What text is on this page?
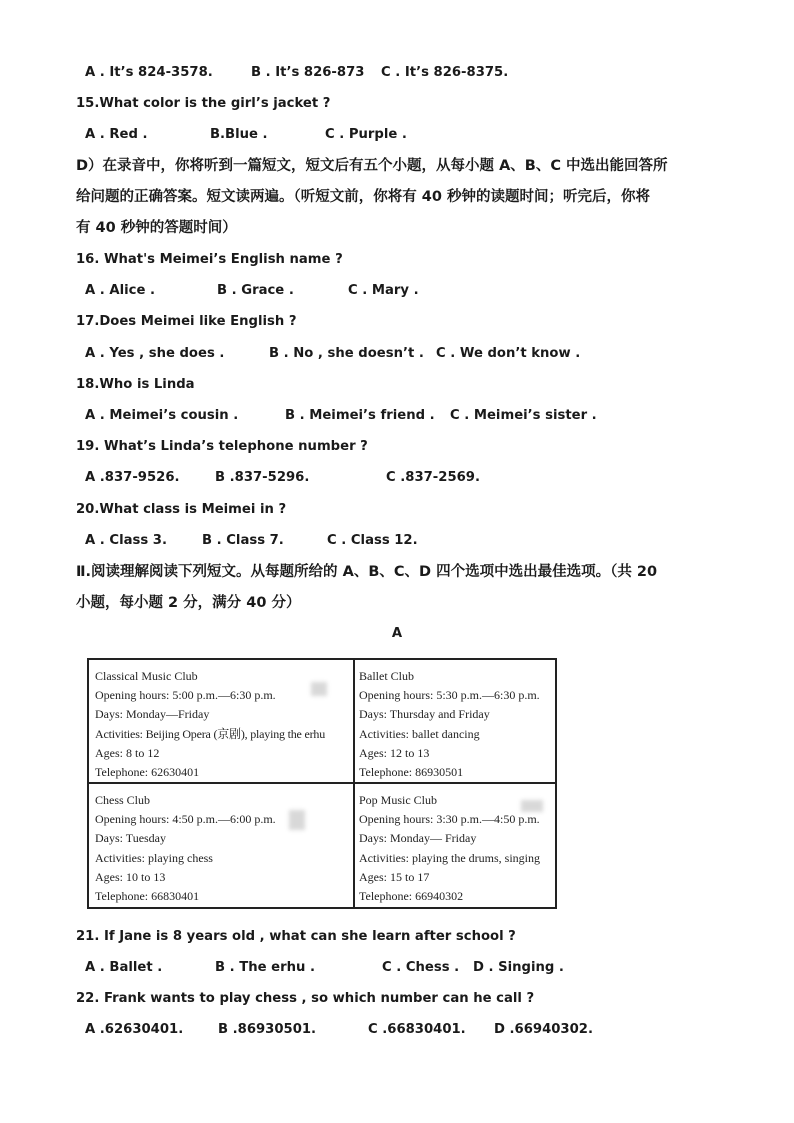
A . It’s 824-3578.	B . It’s 826-873 C . It’s 826-8375.
15.What color is the girl’s jacket ?
A . Red .	B.Blue .	C . Purple .
D）在录音中，你将听到一篇短文，短文后有五个小题，从每小题 A、B、C 中选出能回答所
给问题的正确答案。短文读两遍。（听短文前，你将有 40 秒钟的读题时间；听完后，你将
有 40 秒钟的答题时间）
16. What's Meimei’s English name ?
A . Alice .	B . Grace .	C . Mary .
17.Does Meimei like English ?
A . Yes , she does .	B . No , she doesn’t . C . We don’t know .
18.Who is Linda
A . Meimei’s cousin .	B . Meimei’s friend . C . Meimei’s sister .
19. What’s Linda’s telephone number ?
A .837-9526.	B .837-5296.	C .837-2569.
20.What class is Meimei in ?
A . Class 3.	B . Class 7.	C . Class 12.
Ⅱ.阅读理解阅读下列短文。从每题所给的 A、B、C、D 四个选项中选出最佳选项。（共 20
小题，每小题 2 分，满分 40 分）
A
Classical Music Club
Opening hours: 5:00 p.m.—6:30 p.m.
Days: Monday—Friday
Activities: Beijing Opera (京剧), playing the erhu
Ages: 8 to 12
Telephone: 62630401
Ballet Club
Opening hours: 5:30 p.m.—6:30 p.m.
Days: Thursday and Friday
Activities: ballet dancing
Ages: 12 to 13
Telephone: 86930501
Chess Club
Opening hours: 4:50 p.m.—6:00 p.m.
Days: Tuesday
Activities: playing chess
Ages: 10 to 13
Telephone: 66830401
Pop Music Club
Opening hours: 3:30 p.m.—4:50 p.m.
Days: Monday— Friday
Activities: playing the drums, singing
Ages: 15 to 17
Telephone: 66940302
21. If Jane is 8 years old , what can she learn after school ?
A . Ballet .	B . The erhu .	C . Chess . D . Singing .
22. Frank wants to play chess , so which number can he call ?
A .62630401.	B .86930501.	C .66830401. D .66940302.
